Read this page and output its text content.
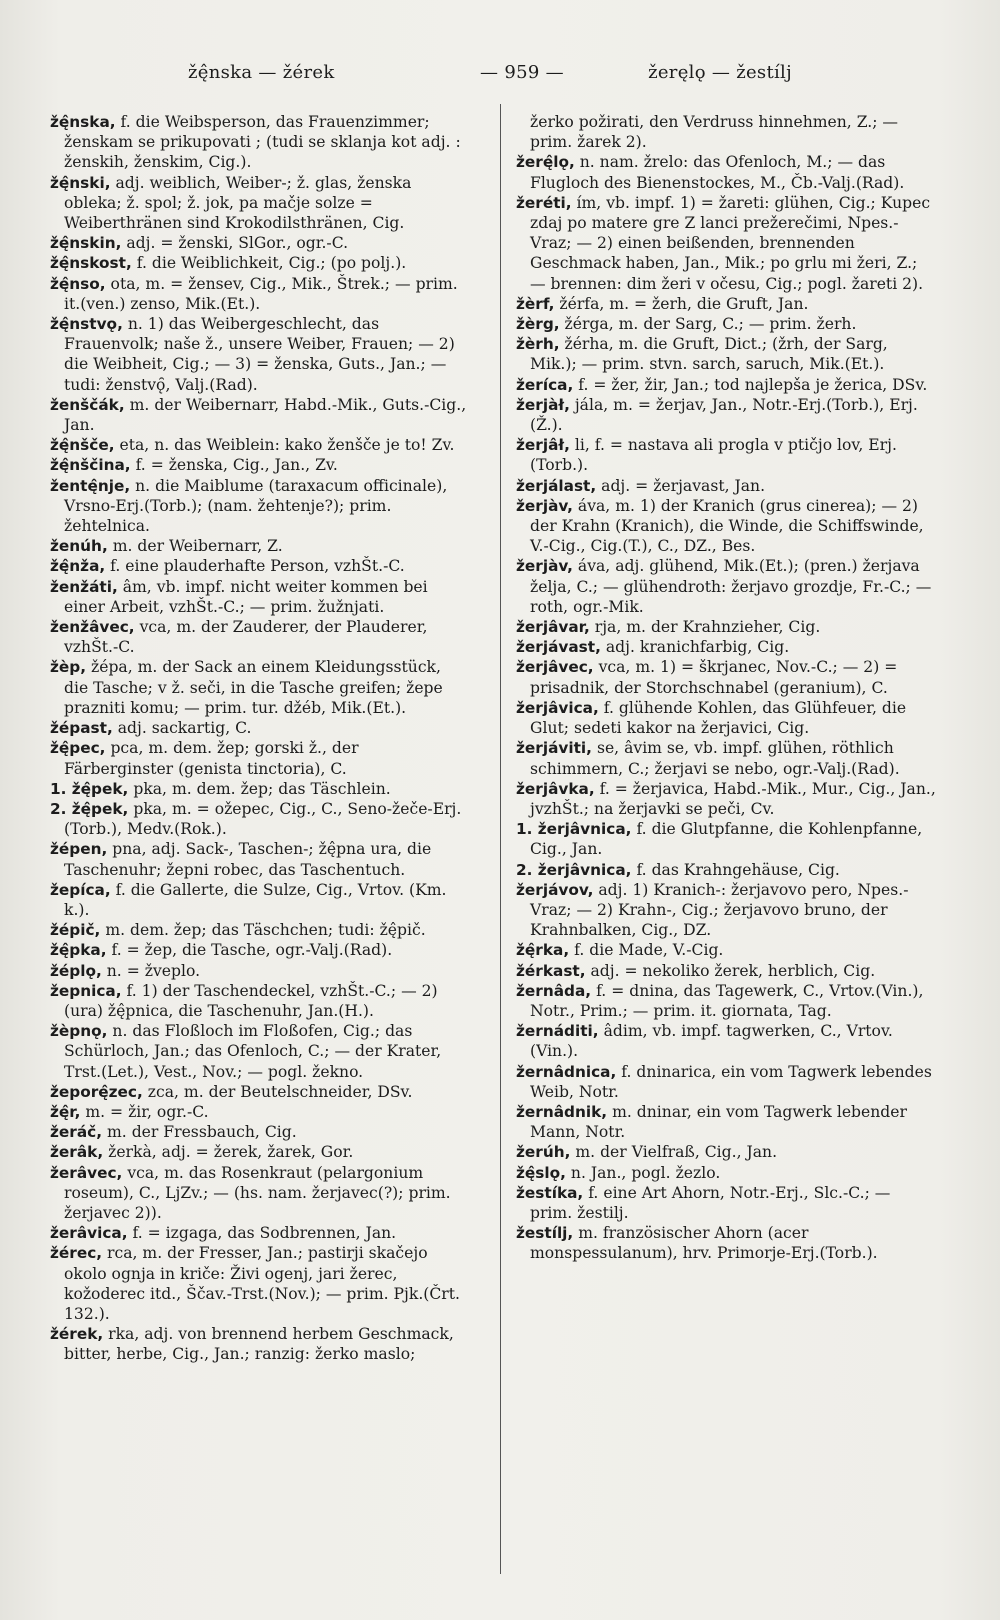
žę̂nska — žérek	— 959 —	žeręlǫ — žestílj

žę̂nska, f. die Weibsperson, das Frauenzimmer; ženskam se prikupovati ; (tudi se sklanja kot adj. : ženskih, ženskim, Cig.).

žę̂nski, adj. weiblich, Weiber-; ž. glas, ženska obleka; ž. spol; ž. jok, pa mačje solze = Weiberthränen sind Krokodilsthränen, Cig.

žę̂nskin, adj. = ženski, SlGor., ogr.-C.

žę̂nskost, f. die Weiblichkeit, Cig.; (po polj.).

žę̂nso, ota, m. = žensev, Cig., Mik., Štrek.; — prim. it.(ven.) zenso, Mik.(Et.).

žę̂nstvǫ, n. 1) das Weibergeschlecht, das Frauenvolk; naše ž., unsere Weiber, Frauen; — 2) die Weibheit, Cig.; — 3) = ženska, Guts., Jan.; — tudi: ženstvǫ̑, Valj.(Rad).

ženščák, m. der Weibernarr, Habd.-Mik., Guts.-Cig., Jan.

žę̂nšče, eta, n. das Weiblein: kako ženšče je to! Zv.

žę̂nščina, f. = ženska, Cig., Jan., Zv.

žentę̂nje, n. die Maiblume (taraxacum officinale), Vrsno-Erj.(Torb.); (nam. žehtenje?); prim. žehtelnica.

ženúh, m. der Weibernarr, Z.

žę̂nža, f. eine plauderhafte Person, vzhŠt.-C.

ženžáti, âm, vb. impf. nicht weiter kommen bei einer Arbeit, vzhŠt.-C.; — prim. žužnjati.

ženžâvec, vca, m. der Zauderer, der Plauderer, vzhŠt.-C.

žèp, žépa, m. der Sack an einem Kleidungsstück, die Tasche; v ž. seči, in die Tasche greifen; žepe prazniti komu; — prim. tur. džéb, Mik.(Et.).

žépast, adj. sackartig, C.

žę̂pec, pca, m. dem. žep; gorski ž., der Färberginster (genista tinctoria), C.

1. žę̂pek, pka, m. dem. žep; das Täschlein.

2. žę̂pek, pka, m. = ožepec, Cig., C., Seno-žeče-Erj.(Torb.), Medv.(Rok.).

žépen, pna, adj. Sack-, Taschen-; žę̂pna ura, die Taschenuhr; žepni robec, das Taschentuch.

žepíca, f. die Gallerte, die Sulze, Cig., Vrtov. (Km. k.).

žépič, m. dem. žep; das Täschchen; tudi: žę̂pič.

žę̂pka, f. = žep, die Tasche, ogr.-Valj.(Rad).

žéplǫ, n. = žveplo.

žepnica, f. 1) der Taschendeckel, vzhŠt.-C.; — 2) (ura) žę̂pnica, die Taschenuhr, Jan.(H.).

žèpnǫ, n. das Floßloch im Floßofen, Cig.; das Schürloch, Jan.; das Ofenloch, C.; — der Krater, Trst.(Let.), Vest., Nov.; — pogl. žekno.

žeporę̂zec, zca, m. der Beutelschneider, DSv.

žę̂r, m. = žir, ogr.-C.

žeráč, m. der Fressbauch, Cig.

žerâk, žerkà, adj. = žerek, žarek, Gor.

žerâvec, vca, m. das Rosenkraut (pelargonium roseum), C., LjZv.; — (hs. nam. žerjavec(?); prim. žerjavec 2)).

žerâvica, f. = izgaga, das Sodbrennen, Jan.

žérec, rca, m. der Fresser, Jan.; pastirji skačejo okolo ognja in kriče: Živi ogenj, jari žerec, kožoderec itd., Ščav.-Trst.(Nov.); — prim. Pjk.(Črt. 132.).

žérek, rka, adj. von brennend herbem Geschmack, bitter, herbe, Cig., Jan.; ranzig: žerko maslo;

žerko požirati, den Verdruss hinnehmen, Z.; — prim. žarek 2).

žerę̂lǫ, n. nam. žrelo: das Ofenloch, M.; — das Flugloch des Bienenstockes, M., Čb.-Valj.(Rad).

žeréti, ím, vb. impf. 1) = žareti: glühen, Cig.; Kupec zdaj po matere gre Z lanci prežerečimi, Npes.-Vraz; — 2) einen beißenden, brennenden Geschmack haben, Jan., Mik.; po grlu mi žeri, Z.; — brennen: dim žeri v očesu, Cig.; pogl. žareti 2).

žèrf, žérfa, m. = žerh, die Gruft, Jan.

žèrg, žérga, m. der Sarg, C.; — prim. žerh.

žèrh, žérha, m. die Gruft, Dict.; (žrh, der Sarg, Mik.); — prim. stvn. sarch, saruch, Mik.(Et.).

žeríca, f. = žer, žir, Jan.; tod najlepša je žerica, DSv.

žerjàł, jála, m. = žerjav, Jan., Notr.-Erj.(Torb.), Erj.(Ž.).

žerjâł, li, f. = nastava ali progla v ptičjo lov, Erj.(Torb.).

žerjálast, adj. = žerjavast, Jan.

žerjàv, áva, m. 1) der Kranich (grus cinerea); — 2) der Krahn (Kranich), die Winde, die Schiffswinde, V.-Cig., Cig.(T.), C., DZ., Bes.

žerjàv, áva, adj. glühend, Mik.(Et.); (pren.) žerjava želja, C.; — glühendroth: žerjavo grozdje, Fr.-C.; — roth, ogr.-Mik.

žerjâvar, rja, m. der Krahnzieher, Cig.

žerjávast, adj. kranichfarbig, Cig.

žerjâvec, vca, m. 1) = škrjanec, Nov.-C.; — 2) = prisadnik, der Storchschnabel (geranium), C.

žerjâvica, f. glühende Kohlen, das Glühfeuer, die Glut; sedeti kakor na žerjavici, Cig.

žerjáviti, se, âvim se, vb. impf. glühen, röthlich schimmern, C.; žerjavi se nebo, ogr.-Valj.(Rad).

žerjâvka, f. = žerjavica, Habd.-Mik., Mur., Cig., Jan., jvzhŠt.; na žerjavki se peči, Cv.

1. žerjâvnica, f. die Glutpfanne, die Kohlenpfanne, Cig., Jan.

2. žerjâvnica, f. das Krahngehäuse, Cig.

žerjávov, adj. 1) Kranich-: žerjavovo pero, Npes.-Vraz; — 2) Krahn-, Cig.; žerjavovo bruno, der Krahnbalken, Cig., DZ.

žę̂rka, f. die Made, V.-Cig.

žérkast, adj. = nekoliko žerek, herblich, Cig.

žernâda, f. = dnina, das Tagewerk, C., Vrtov.(Vin.), Notr., Prim.; — prim. it. giornata, Tag.

žernáditi, âdim, vb. impf. tagwerken, C., Vrtov.(Vin.).

žernâdnica, f. dninarica, ein vom Tagwerk lebendes Weib, Notr.

žernâdnik, m. dninar, ein vom Tagwerk lebender Mann, Notr.

žerúh, m. der Vielfraß, Cig., Jan.

žę̂slǫ, n. Jan., pogl. žezlo.

žestíka, f. eine Art Ahorn, Notr.-Erj., Slc.-C.; — prim. žestilj.

žestílj, m. französischer Ahorn (acer monspessulanum), hrv. Primorje-Erj.(Torb.).
